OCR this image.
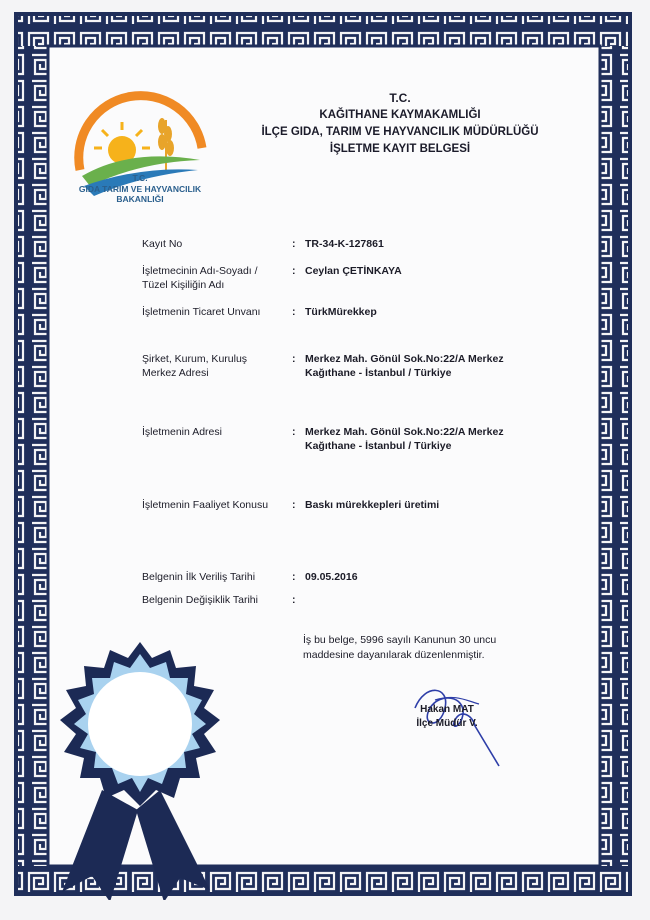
T.C.
GIDA TARIM VE HAYVANCILIK
BAKANLIĞI
T.C.
KAĞITHANE KAYMAKAMLIĞI
İLÇE GIDA, TARIM VE HAYVANCILIK MÜDÜRLÜĞÜ
İŞLETME KAYIT BELGESİ
Kayıt No	: TR-34-K-127861
İşletmecinin Adı-Soyadı /
Tüzel Kişiliğin Adı
: Ceylan ÇETİNKAYA
İşletmenin Ticaret Unvanı	: TürkMürekkep
Şirket, Kurum, Kuruluş
Merkez Adresi
: Merkez Mah. Gönül Sok.No:22/A Merkez
Kağıthane - İstanbul / Türkiye
İşletmenin Adresi	: Merkez Mah. Gönül Sok.No:22/A Merkez
Kağıthane - İstanbul / Türkiye
İşletmenin Faaliyet Konusu	: Baskı mürekkepleri üretimi
Belgenin İlk Veriliş Tarihi	: 09.05.2016
Belgenin Değişiklik Tarihi	:
İş bu belge, 5996 sayılı Kanunun 30 uncu
maddesine dayanılarak düzenlenmiştir.
Hakan MAT
İlçe Müdür V.
